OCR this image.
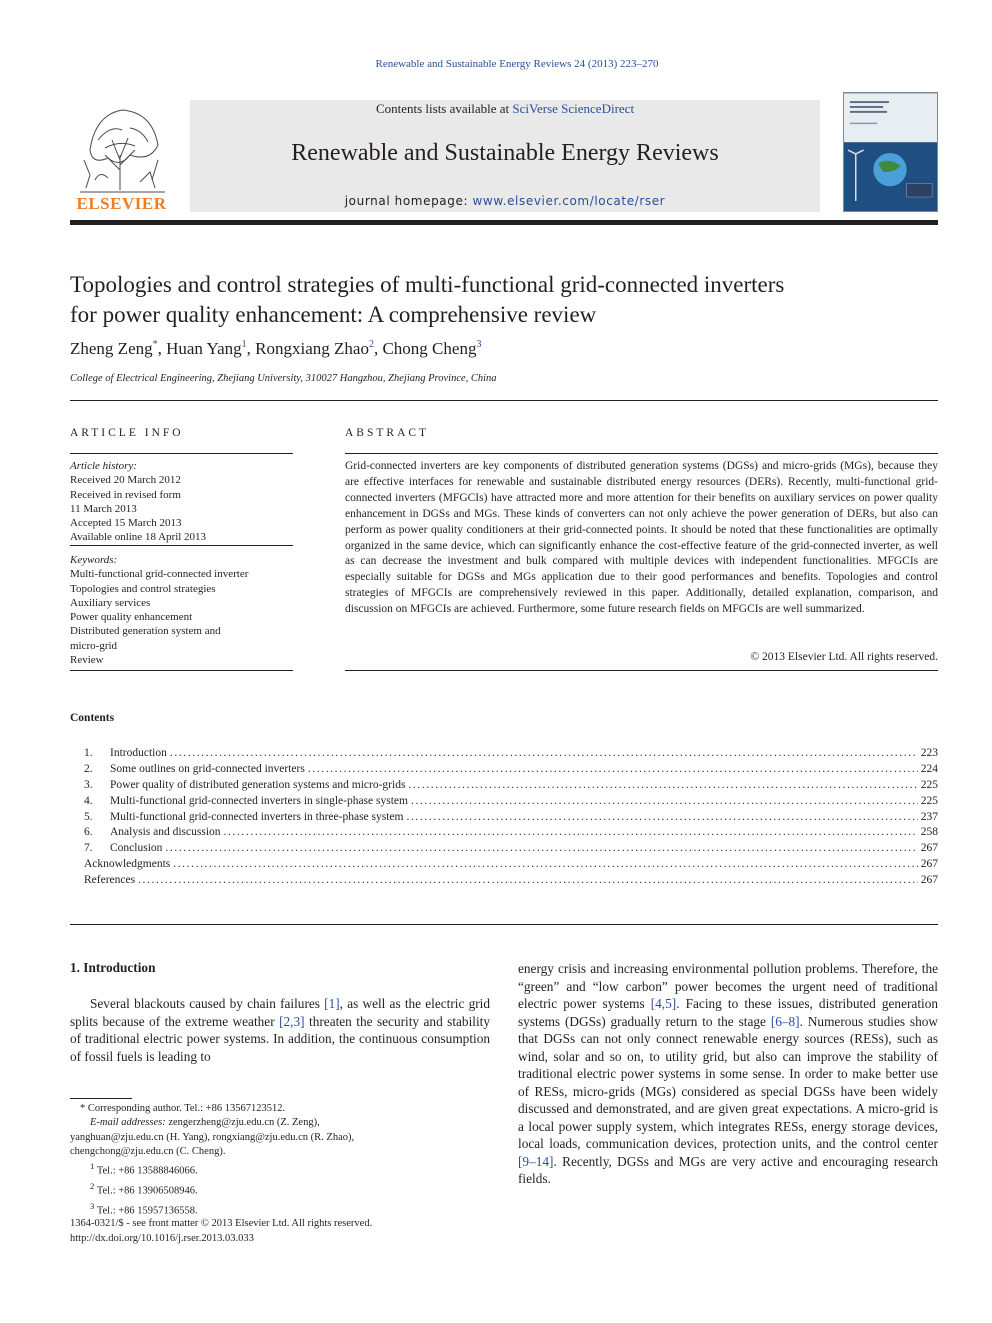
Renewable and Sustainable Energy Reviews 24 (2013) 223–270
ELSEVIER
Contents lists available at SciVerse ScienceDirect
Renewable and Sustainable Energy Reviews
journal homepage: www.elsevier.com/locate/rser
Topologies and control strategies of multi-functional grid-connected inverters
for power quality enhancement: A comprehensive review
Zheng Zeng*, Huan Yang$^1$, Rongxiang Zhao$^2$, Chong Cheng$^3$
College of Electrical Engineering, Zhejiang University, 310027 Hangzhou, Zhejiang Province, China
ARTICLE INFO
Article history:
Received 20 March 2012
Received in revised form
11 March 2013
Accepted 15 March 2013
Available online 18 April 2013
Keywords:
Multi-functional grid-connected inverter
Topologies and control strategies
Auxiliary services
Power quality enhancement
Distributed generation system and
micro-grid
Review
ABSTRACT
Grid-connected inverters are key components of distributed generation systems (DGSs) and micro-grids (MGs), because they are effective interfaces for renewable and sustainable distributed energy resources (DERs). Recently, multi-functional grid-connected inverters (MFGCIs) have attracted more and more attention for their benefits on auxiliary services on power quality enhancement in DGSs and MGs. These kinds of converters can not only achieve the power generation of DERs, but also can perform as power quality conditioners at their grid-connected points. It should be noted that these functionalities are optimally organized in the same device, which can significantly enhance the cost-effective feature of the grid-connected inverter, as well as can decrease the investment and bulk compared with multiple devices with independent functionalities. MFGCIs are especially suitable for DGSs and MGs application due to their good performances and benefits. Topologies and control strategies of MFGCIs are comprehensively reviewed in this paper. Additionally, detailed explanation, comparison, and discussion on MFGCIs are achieved. Furthermore, some future research fields on MFGCIs are well summarized.
© 2013 Elsevier Ltd. All rights reserved.
Contents
1.	Introduction .....	223
2.	Some outlines on grid-connected inverters .....	224
3.	Power quality of distributed generation systems and micro-grids .....	225
4.	Multi-functional grid-connected inverters in single-phase system .....	225
5.	Multi-functional grid-connected inverters in three-phase system .....	237
6.	Analysis and discussion .....	258
7.	Conclusion .....	267
Acknowledgments .....	267
References .....	267
1. Introduction
Several blackouts caused by chain failures [1], as well as the electric grid splits because of the extreme weather [2,3] threaten the security and stability of traditional electric power systems. In addition, the continuous consumption of fossil fuels is leading to
energy crisis and increasing environmental pollution problems. Therefore, the “green” and “low carbon” power becomes the urgent need of traditional electric power systems [4,5]. Facing to these issues, distributed generation systems (DGSs) gradually return to the stage [6–8]. Numerous studies show that DGSs can not only connect renewable energy sources (RESs), such as wind, solar and so on, to utility grid, but also can improve the stability of traditional electric power systems in some sense. In order to make better use of RESs, micro-grids (MGs) considered as special DGSs have been widely discussed and demonstrated, and are given great expectations. A micro-grid is a local power supply system, which integrates RESs, energy storage devices, local loads, communication devices, protection units, and the control center [9–14]. Recently, DGSs and MGs are very active and encouraging research fields.
* Corresponding author. Tel.: +86 13567123512.
E-mail addresses: zengerzheng@zju.edu.cn (Z. Zeng),
yanghuan@zju.edu.cn (H. Yang), rongxiang@zju.edu.cn (R. Zhao),
chengchong@zju.edu.cn (C. Cheng).
$^1$ Tel.: +86 13588846066.
$^2$ Tel.: +86 13906508946.
$^3$ Tel.: +86 15957136558.
1364-0321/$ - see front matter © 2013 Elsevier Ltd. All rights reserved.
http://dx.doi.org/10.1016/j.rser.2013.03.033
